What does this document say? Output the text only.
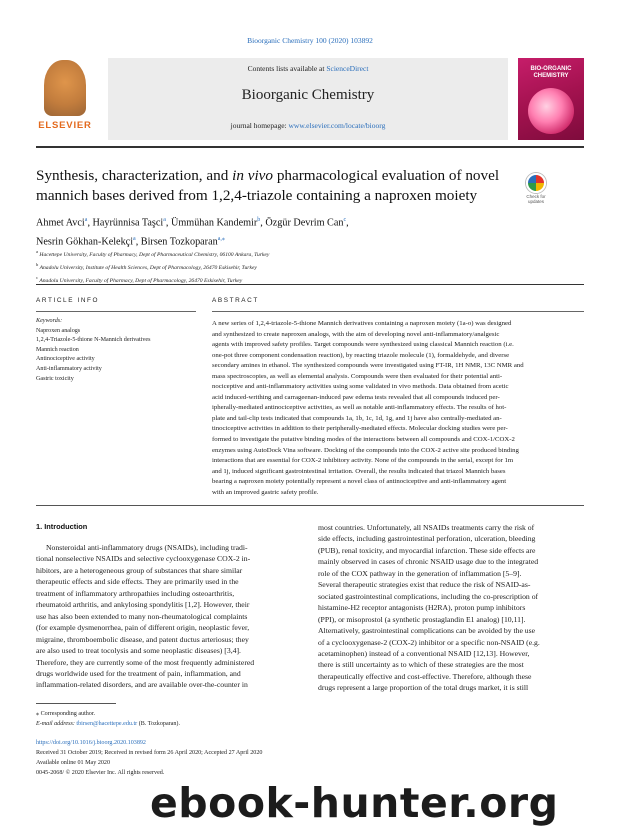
Bioorganic Chemistry 100 (2020) 103892
ELSEVIER
Contents lists available at ScienceDirect
Bioorganic Chemistry
journal homepage: www.elsevier.com/locate/bioorg
BIO-ORGANIC CHEMISTRY
Synthesis, characterization, and in vivo pharmacological evaluation of novel mannich bases derived from 1,2,4-triazole containing a naproxen moiety	Check for updates
Ahmet Avci$^a$, Hayrünnisa Taşci$^a$, Ümmühan Kandemir$^b$, Özgür Devrim Can$^c$,
Nesrin Gökhan-Kelekçi$^a$, Birsen Tozkoparan$^{a,⁎}$
$^a$ Hacettepe University, Faculty of Pharmacy, Dept of Pharmaceutical Chemistry, 06100 Ankara, Turkey
$^b$ Anadolu University, Institute of Health Sciences, Dept of Pharmacology, 26470 Eskisehir, Turkey
$^c$ Anadolu University, Faculty of Pharmacy, Dept of Pharmacology, 26470 Eskisehir, Turkey
ARTICLE INFO	ABSTRACT
Keywords:
Naproxen analogs
1,2,4-Triazole-5-thione N-Mannich derivatives
Mannich reaction
Antinociceptive activity
Anti-inflammatory activity
Gastric toxicity
A new series of 1,2,4-triazole-5-thione Mannich derivatives containing a naproxen moiety (1a-o) was designed
and synthesized to create naproxen analogs, with the aim of developing novel anti-inflammatory/analgesic
agents with improved safety profiles. Target compounds were synthesized using classical Mannich reaction (i.e.
one-pot three component condensation reaction), by reacting triazole molecule (1), formaldehyde, and diverse
secondary amines in ethanol. The synthesized compounds were investigated using FT-IR, 1H NMR, 13C NMR and
mass spectroscopies, as well as elemental analysis. Compounds were then evaluated for their potential anti-
nociceptive and anti-inflammatory activities using some validated in vivo methods. Data obtained from acetic
acid induced-writhing and carrageenan-induced paw edema tests revealed that all compounds induced per-
ipherally-mediated antinociceptive activities, as well as notable anti-inflammatory effects. The results of hot-
plate and tail-clip tests indicated that compounds 1a, 1b, 1c, 1d, 1g, and 1j have also centrally-mediated an-
tinociceptive activities in addition to their peripherally-mediated effects. Molecular docking studies were per-
formed to investigate the putative binding modes of the interactions between all compounds and COX-1/COX-2
enzymes using AutoDock Vina software. Docking of the compounds into the COX-2 active site produced binding
interactions that are essential for COX-2 inhibitory activity. None of the compounds in the serial, except for 1m
and 1j, induced significant gastrointestinal irritation. Overall, the results indicated that triazol Mannich bases
bearing a naproxen moiety potentially represent a novel class of antinociceptive and anti-inflammatory agent
with an improved gastric safety profile.
1. Introduction
Nonsteroidal anti-inflammatory drugs (NSAIDs), including tradi-
tional nonselective NSAIDs and selective cyclooxygenase COX-2 in-
hibitors, are a heterogeneous group of substances that share similar
therapeutic effects and side effects. They are primarily used in the
treatment of inflammatory arthropathies including osteoarthritis,
rheumatoid arthritis, and ankylosing spondylitis [1,2]. However, their
use has also been extended to many non-rheumatological complaints
(for example dysmenorrhea, pain of different origin, neoplastic fever,
migraine, thromboembolic disease, and patent ductus arteriosus; they
are also used to treat tocolysis and some neoplastic diseases) [3,4].
Therefore, they are currently some of the most frequently administered
drugs worldwide used for the treatment of pain, inflammation, and
inflammation-related disorders, and are available over-the-counter in
most countries. Unfortunately, all NSAIDs treatments carry the risk of
side effects, including gastrointestinal perforation, ulceration, bleeding
(PUB), renal toxicity, and myocardial infarction. These side effects are
mainly observed in cases of chronic NSAID usage due to the integrated
role of the COX pathway in the generation of inflammation [5–9].
Several therapeutic strategies exist that reduce the risk of NSAID-as-
sociated gastrointestinal complications, including the co-prescription of
histamine-H2 receptor antagonists (H2RA), proton pump inhibitors
(PPI), or misoprostol (a synthetic prostaglandin E1 analog) [10,11].
Alternatively, gastrointestinal complications can be avoided by the use
of a cyclooxygenase-2 (COX-2) inhibitor or a specific non-NSAID (e.g.
acetaminophen) instead of a conventional NSAID [12,13]. However,
there is still uncertainty as to which of these strategies are the most
therapeutically effective and cost-effective. Therefore, although these
drugs represent a large proportion of the total drugs market, it is still
⁎ Corresponding author.
E-mail address: tbirsen@hacettepe.edu.tr (B. Tozkoparan).
https://doi.org/10.1016/j.bioorg.2020.103892
Received 31 October 2019; Received in revised form 26 April 2020; Accepted 27 April 2020
Available online 01 May 2020
0045-2068/ © 2020 Elsevier Inc. All rights reserved.
ebook-hunter.org
